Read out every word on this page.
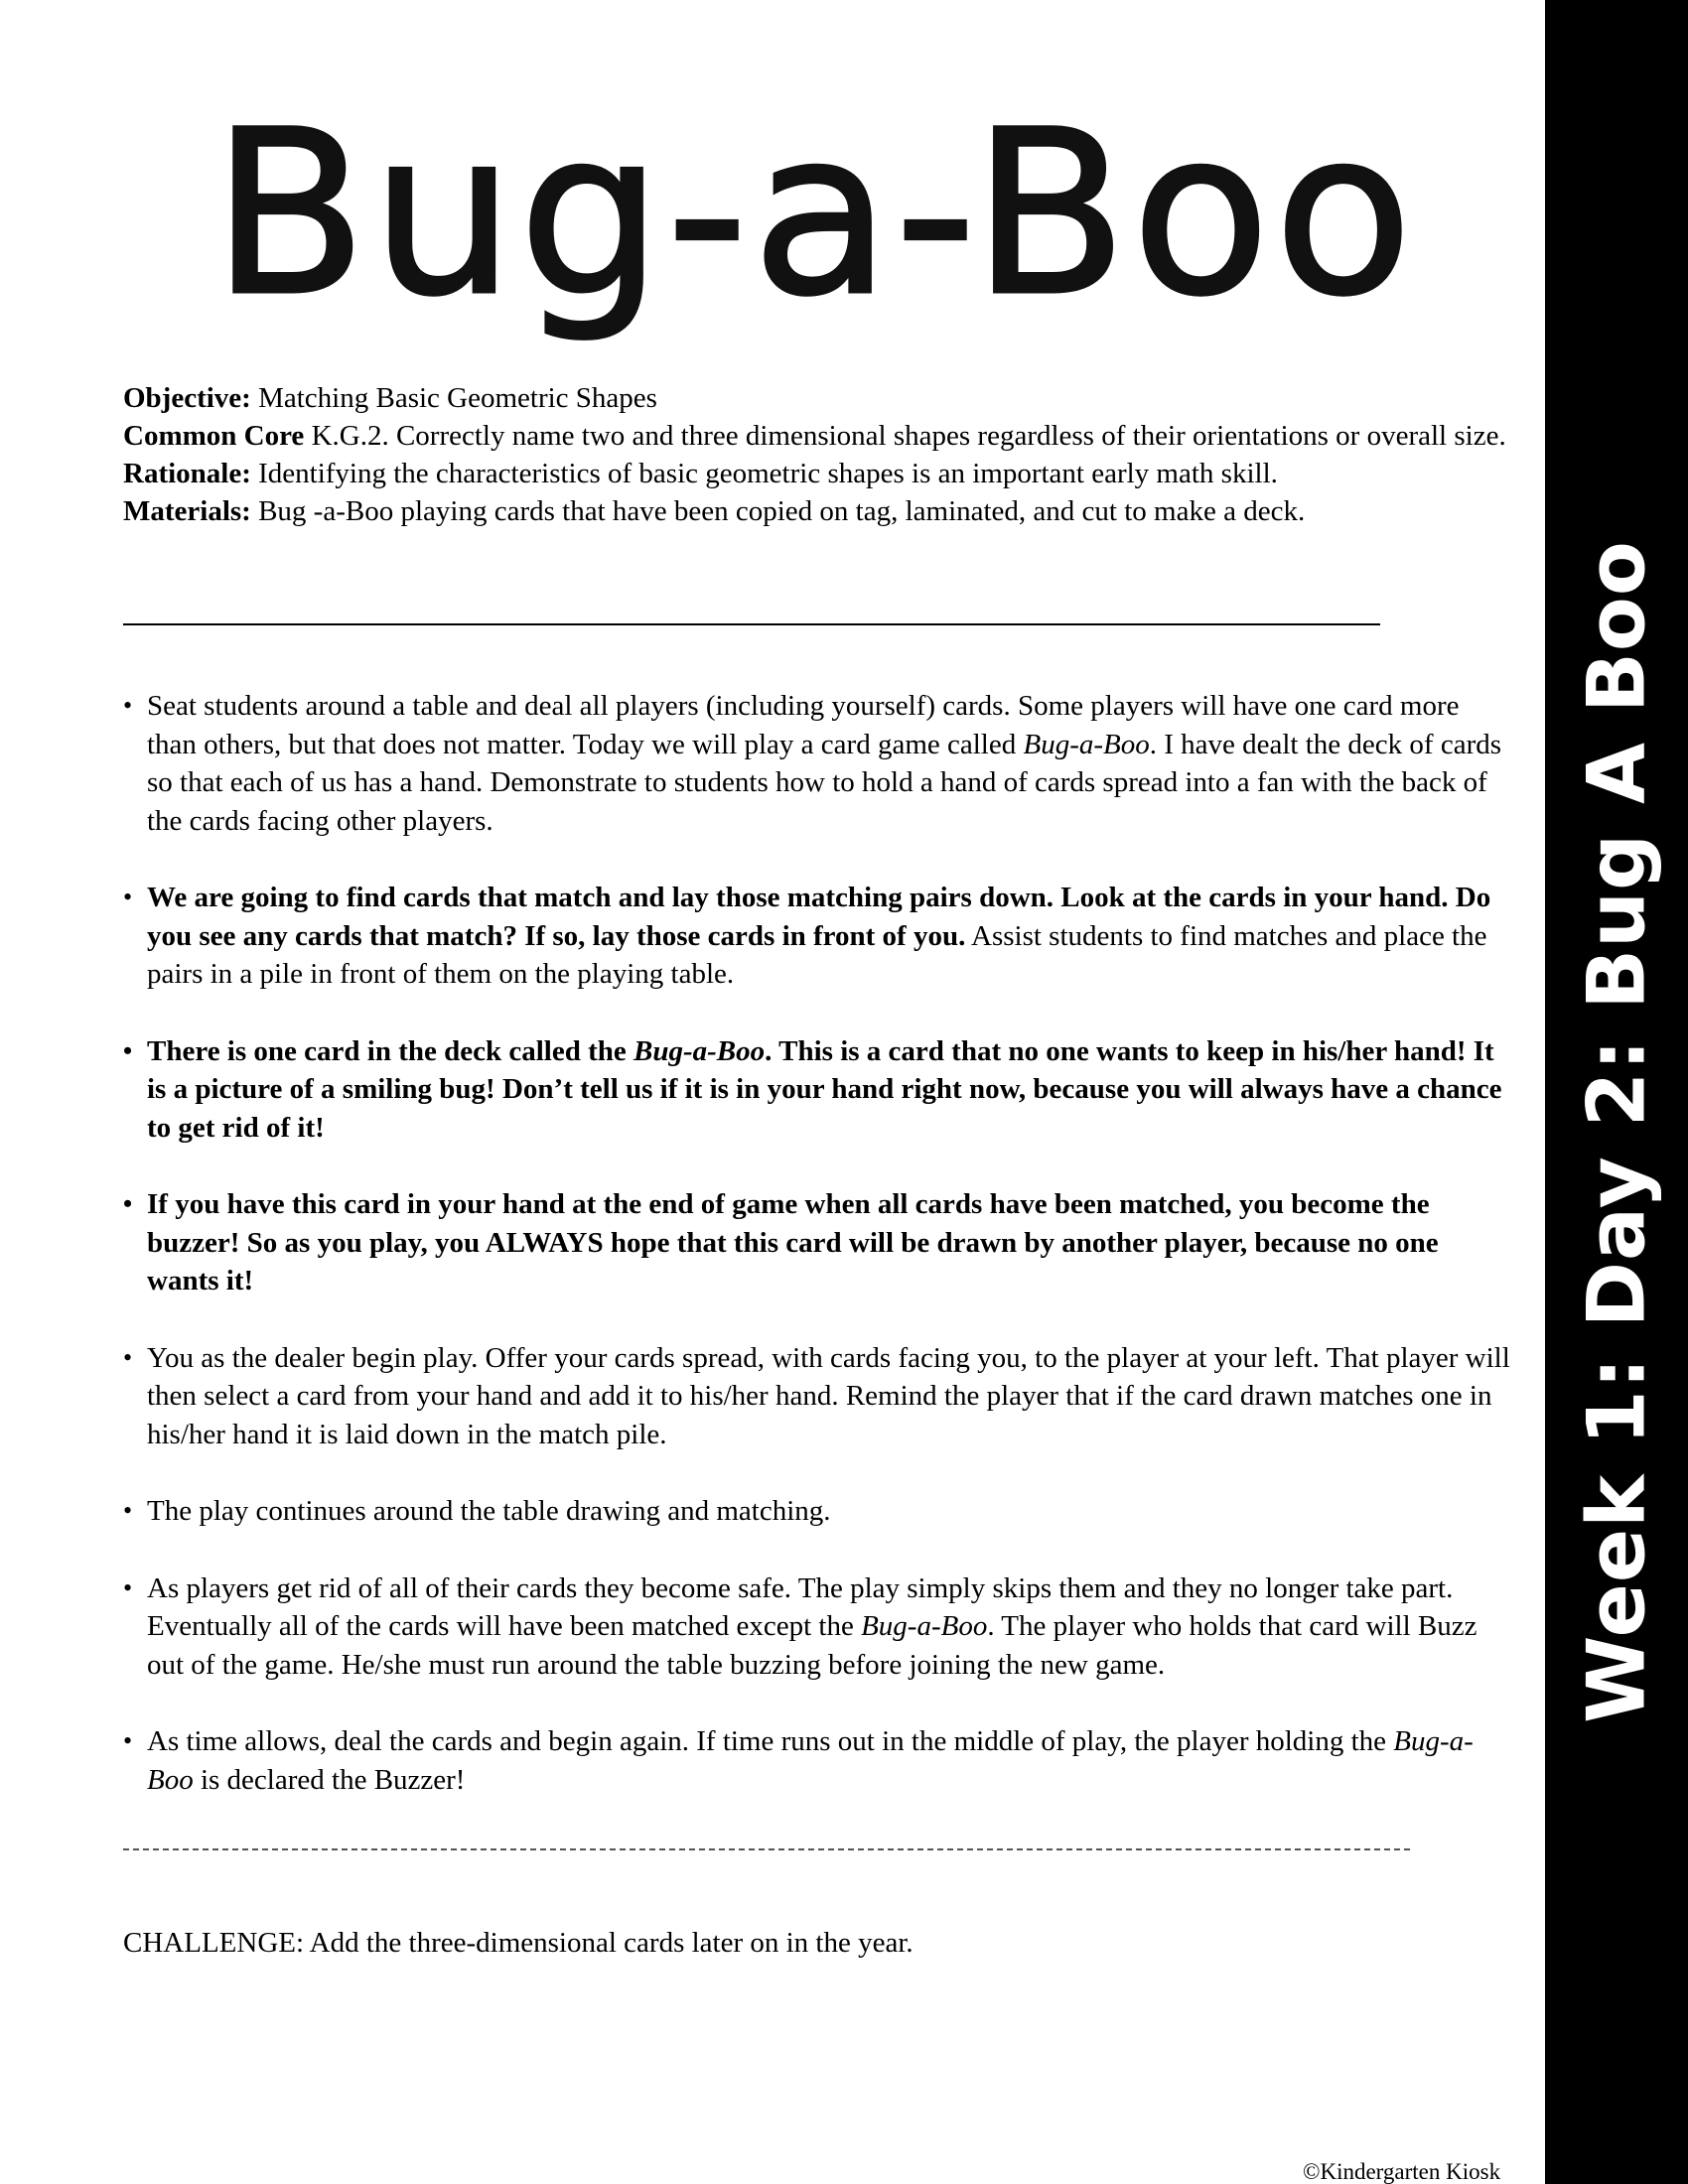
Bug-a-Boo
Week 1: Day 2: Bug A Boo

Objective: Matching Basic Geometric Shapes

Common Core K.G.2. Correctly name two and three dimensional shapes regardless of their orientations or overall size.

Rationale: Identifying the characteristics of basic geometric shapes is an important early math skill.

Materials: Bug -a-Boo playing cards that have been copied on tag, laminated, and cut to make a deck.

• Seat students around a table and deal all players (including yourself) cards. Some players will have one card more than others, but that does not matter. Today we will play a card game called Bug-a-Boo. I have dealt the deck of cards so that each of us has a hand. Demonstrate to students how to hold a hand of cards spread into a fan with the back of the cards facing other players.
• We are going to find cards that match and lay those matching pairs down. Look at the cards in your hand. Do you see any cards that match? If so, lay those cards in front of you. Assist students to find matches and place the pairs in a pile in front of them on the playing table.
• There is one card in the deck called the Bug-a-Boo. This is a card that no one wants to keep in his/her hand! It is a picture of a smiling bug! Don’t tell us if it is in your hand right now, because you will always have a chance to get rid of it!
• If you have this card in your hand at the end of game when all cards have been matched, you become the buzzer! So as you play, you ALWAYS hope that this card will be drawn by another player, because no one wants it!
• You as the dealer begin play. Offer your cards spread, with cards facing you, to the player at your left. That player will then select a card from your hand and add it to his/her hand. Remind the player that if the card drawn matches one in his/her hand it is laid down in the match pile.
• The play continues around the table drawing and matching.
• As players get rid of all of their cards they become safe. The play simply skips them and they no longer take part. Eventually all of the cards will have been matched except the Bug-a-Boo. The player who holds that card will Buzz out of the game. He/she must run around the table buzzing before joining the new game.
• As time allows, deal the cards and begin again. If time runs out in the middle of play, the player holding the Bug-a-Boo is declared the Buzzer!
CHALLENGE: Add the three-dimensional cards later on in the year.
©Kindergarten Kiosk
